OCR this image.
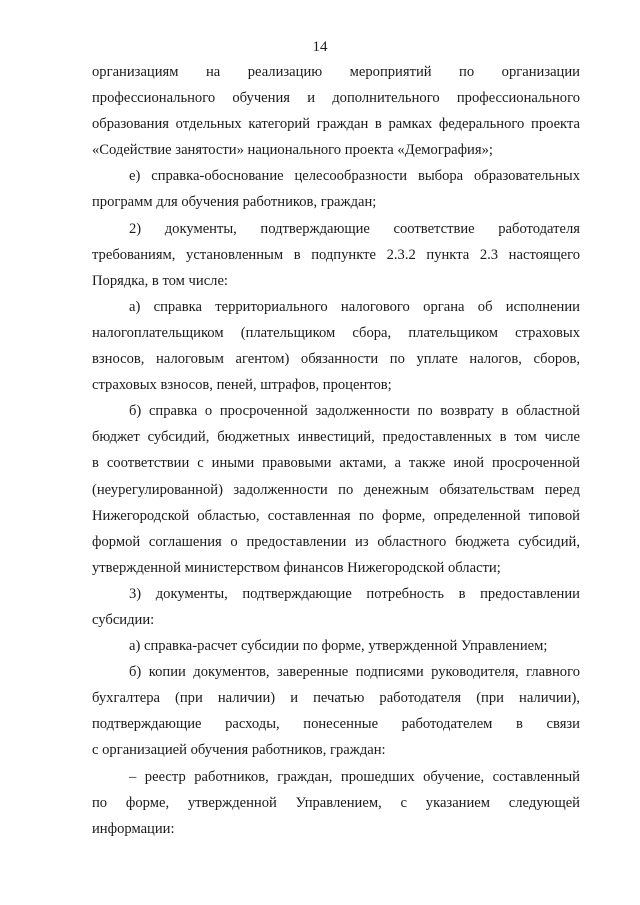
14
организациям на реализацию мероприятий по организации
профессионального обучения и дополнительного профессионального
образования отдельных категорий граждан в рамках федерального проекта
«Содействие занятости» национального проекта «Демография»;
е) справка-обоснование целесообразности выбора образовательных
программ для обучения работников, граждан;
2) документы, подтверждающие соответствие работодателя
требованиям, установленным в подпункте 2.3.2 пункта 2.3 настоящего
Порядка, в том числе:
а) справка территориального налогового органа об исполнении
налогоплательщиком (плательщиком сбора, плательщиком страховых
взносов, налоговым агентом) обязанности по уплате налогов, сборов,
страховых взносов, пеней, штрафов, процентов;
б) справка о просроченной задолженности по возврату в областной
бюджет субсидий, бюджетных инвестиций, предоставленных в том числе
в соответствии с иными правовыми актами, а также иной просроченной
(неурегулированной) задолженности по денежным обязательствам перед
Нижегородской областью, составленная по форме, определенной типовой
формой соглашения о предоставлении из областного бюджета субсидий,
утвержденной министерством финансов Нижегородской области;
3) документы, подтверждающие потребность в предоставлении
субсидии:
а) справка-расчет субсидии по форме, утвержденной Управлением;
б) копии документов, заверенные подписями руководителя, главного
бухгалтера (при наличии) и печатью работодателя (при наличии),
подтверждающие расходы, понесенные работодателем в связи
с организацией обучения работников, граждан:
– реестр работников, граждан, прошедших обучение, составленный
по форме, утвержденной Управлением, с указанием следующей
информации:
